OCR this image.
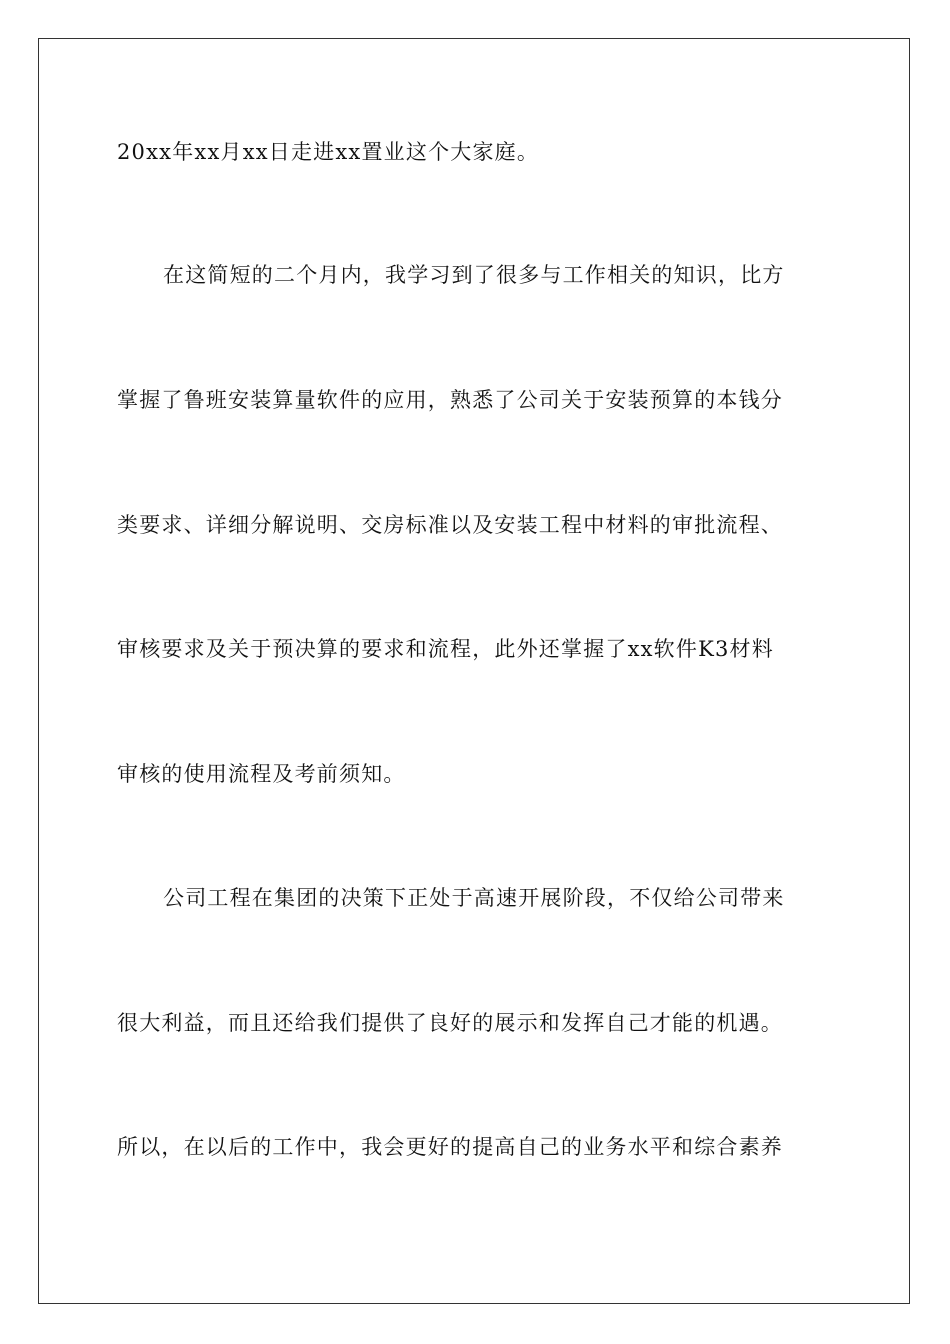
20xx年xx月xx日走进xx置业这个大家庭。
在这简短的二个月内，我学习到了很多与工作相关的知识，比方
掌握了鲁班安装算量软件的应用，熟悉了公司关于安装预算的本钱分
类要求、详细分解说明、交房标准以及安装工程中材料的审批流程、
审核要求及关于预决算的要求和流程，此外还掌握了xx软件K3材料
审核的使用流程及考前须知。
公司工程在集团的决策下正处于高速开展阶段，不仅给公司带来
很大利益，而且还给我们提供了良好的展示和发挥自己才能的机遇。
所以，在以后的工作中，我会更好的提高自己的业务水平和综合素养
